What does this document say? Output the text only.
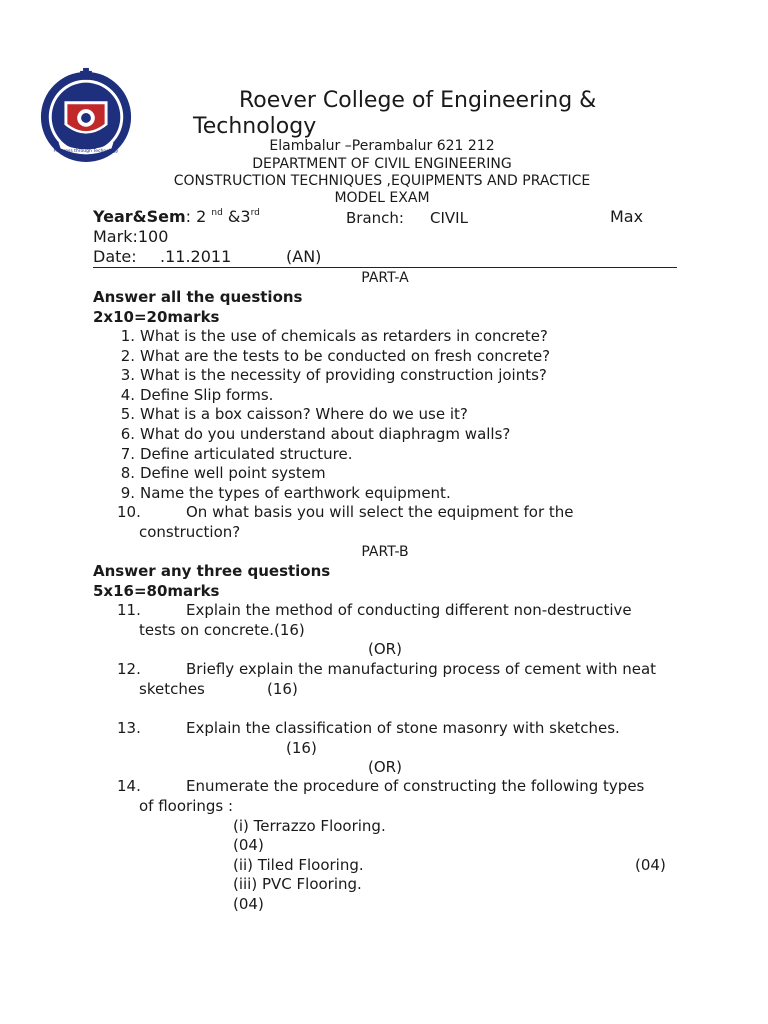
Progress through Technology
Roever College of Engineering &
Technology
Elambalur –Perambalur 621 212
DEPARTMENT OF CIVIL ENGINEERING
CONSTRUCTION TECHNIQUES ,EQUIPMENTS AND PRACTICE
MODEL EXAM
Year&Sem: 2 $^{nd}$ &3rd	Branch: CIVIL	Max
Mark:100
Date: .11.2011	(AN)
PART-A
Answer all the questions
2x10=20marks
1. What is the use of chemicals as retarders in concrete?
2. What are the tests to be conducted on fresh concrete?
3. What is the necessity of providing construction joints?
4. Define Slip forms.
5. What is a box caisson? Where do we use it?
6. What do you understand about diaphragm walls?
7. Define articulated structure.
8. Define well point system
9. Name the types of earthwork equipment.
10.	On what basis you will select the equipment for the
construction?
PART-B
Answer any three questions
5x16=80marks
11.	Explain the method of conducting different non-destructive
tests on concrete.(16)
(OR)
12.	Briefly explain the manufacturing process of cement with neat
sketches	(16)
13.	Explain the classification of stone masonry with sketches.
(16)
(OR)
14.	Enumerate the procedure of constructing the following types
of floorings :
(i) Terrazzo Flooring.
(04)
(ii) Tiled Flooring.	(04)
(iii) PVC Flooring.
(04)
